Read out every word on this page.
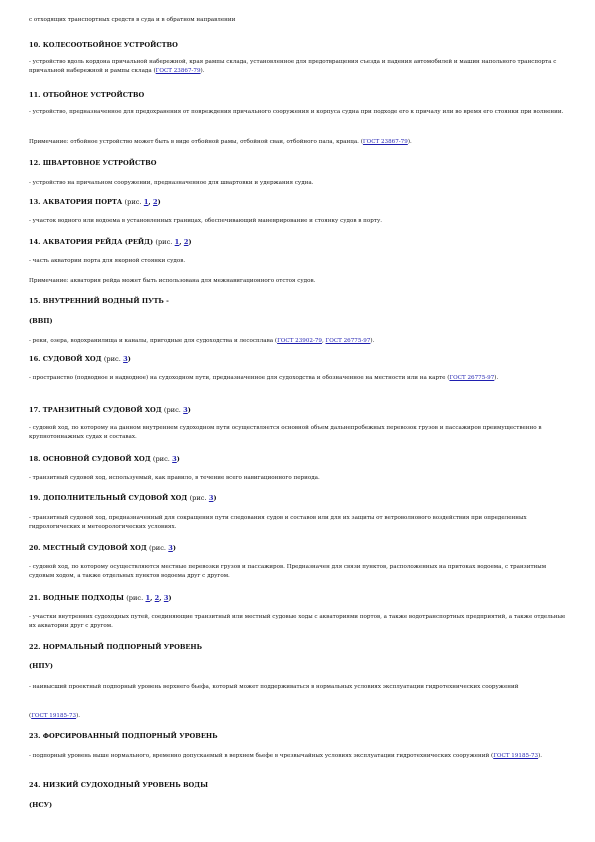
с отходящих транспортных средств в суда и в обратном направлении

10. КОЛЕСООТБОЙНОЕ УСТРОЙСТВО

- устройство вдоль кордона причальной набережной, края рампы склада, установленное для предотвращения съезда и падения автомобилей и машин напольного транспорта с причальной набережной и рампы склада (ГОСТ 23867-79).

11. ОТБОЙНОЕ УСТРОЙСТВО

- устройство, предназначенное для предохранения от повреждения причального сооружения и корпуса судна при подходе его к причалу или во время его стоянки при волнении.

Примечание: отбойное устройство может быть в виде отбойной рамы, отбойной сваи, отбойного пала, кранца. (ГОСТ 23867-79).

12. ШВАРТОВНОЕ УСТРОЙСТВО

- устройство на причальном сооружении, предназначенное для швартовки и удержания судна.

13. АКВАТОРИЯ ПОРТА (рис. 1, 2)

- участок водного или водоема в установленных границах, обеспечивающий маневрирование и стоянку судов в порту.

14. АКВАТОРИЯ РЕЙДА (РЕЙД) (рис. 1, 2)

- часть акватории порта для якорной стоянки судов.

Примечание: акватория рейда может быть использована для межнавигационного отстоя судов.

15. ВНУТРЕННИЙ ВОДНЫЙ ПУТЬ -

(ВВП)

- реки, озера, водохранилища и каналы, пригодные для судоходства и лесосплава (ГОСТ 23902-79, ГОСТ 26775-97).

16. СУДОВОЙ ХОД (рис. 3)

- пространство (подводное и надводное) на судоходном пути, предназначенное для судоходства и обозначенное на местности или на карте (ГОСТ 26775-97).

17. ТРАНЗИТНЫЙ СУДОВОЙ ХОД (рис. 3)

- судовой ход, по которому на данном внутреннем судоходном пути осуществляется основной объем дальнепробежных перевозок грузов и пассажиров преимущественно в крупнотоннажных судах и составах.

18. ОСНОВНОЙ СУДОВОЙ ХОД (рис. 3)

- транзитный судовой ход, используемый, как правило, в течение всего навигационного периода.

19. ДОПОЛНИТЕЛЬНЫЙ СУДОВОЙ ХОД (рис. 3)

- транзитный судовой ход, предназначенный для сокращения пути следования судов и составов или для их защиты от ветроволнового воздействия при определенных гидрологических и метеорологических условиях.

20. МЕСТНЫЙ СУДОВОЙ ХОД (рис. 3)

- судовой ход, по которому осуществляются местные перевозки грузов и пассажиров. Предназначен для связи пунктов, расположенных на притоках водоема, с транзитным судовым ходом, а также отдельных пунктов водоема друг с другом.

21. ВОДНЫЕ ПОДХОДЫ (рис. 1, 2, 3)

- участки внутренних судоходных путей, соединяющие транзитный или местный судовые ходы с акваториями портов, а также водотранспортных предприятий, а также отдельные их акватории друг с другом.

22. НОРМАЛЬНЫЙ ПОДПОРНЫЙ УРОВЕНЬ

(НПУ)

- наивысший проектный подпорный уровень верхнего бьефа, который может поддерживаться в нормальных условиях эксплуатации гидротехнических сооружений

(ГОСТ 19185-73).

23. ФОРСИРОВАННЫЙ ПОДПОРНЫЙ УРОВЕНЬ

- подпорный уровень выше нормального, временно допускаемый в верхнем бьефе в чрезвычайных условиях эксплуатации гидротехнических сооружений (ГОСТ 19185-73).

24. НИЗКИЙ СУДОХОДНЫЙ УРОВЕНЬ ВОДЫ

(НСУ)
